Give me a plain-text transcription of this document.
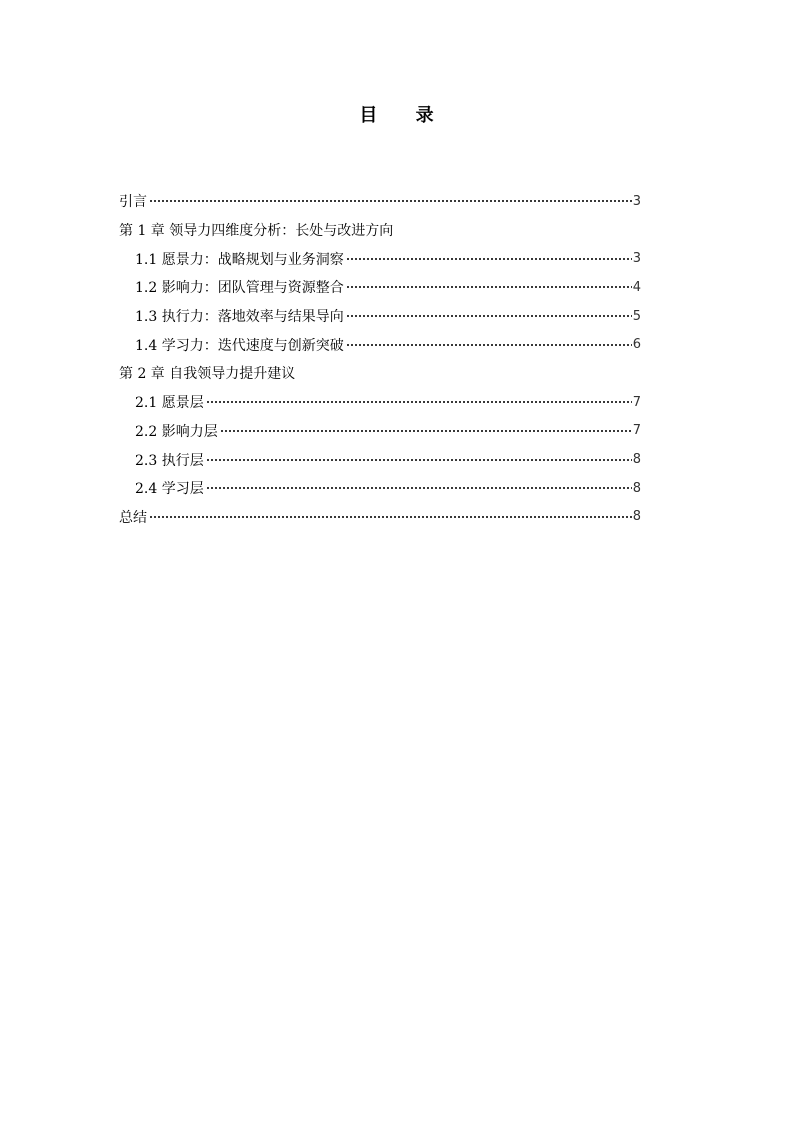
目 录
引言	3
第 1 章 领导力四维度分析：长处与改进方向
1.1 愿景力：战略规划与业务洞察	3
1.2 影响力：团队管理与资源整合	4
1.3 执行力：落地效率与结果导向	5
1.4 学习力：迭代速度与创新突破	6
第 2 章 自我领导力提升建议
2.1 愿景层	7
2.2 影响力层	7
2.3 执行层	8
2.4 学习层	8
总结	8
